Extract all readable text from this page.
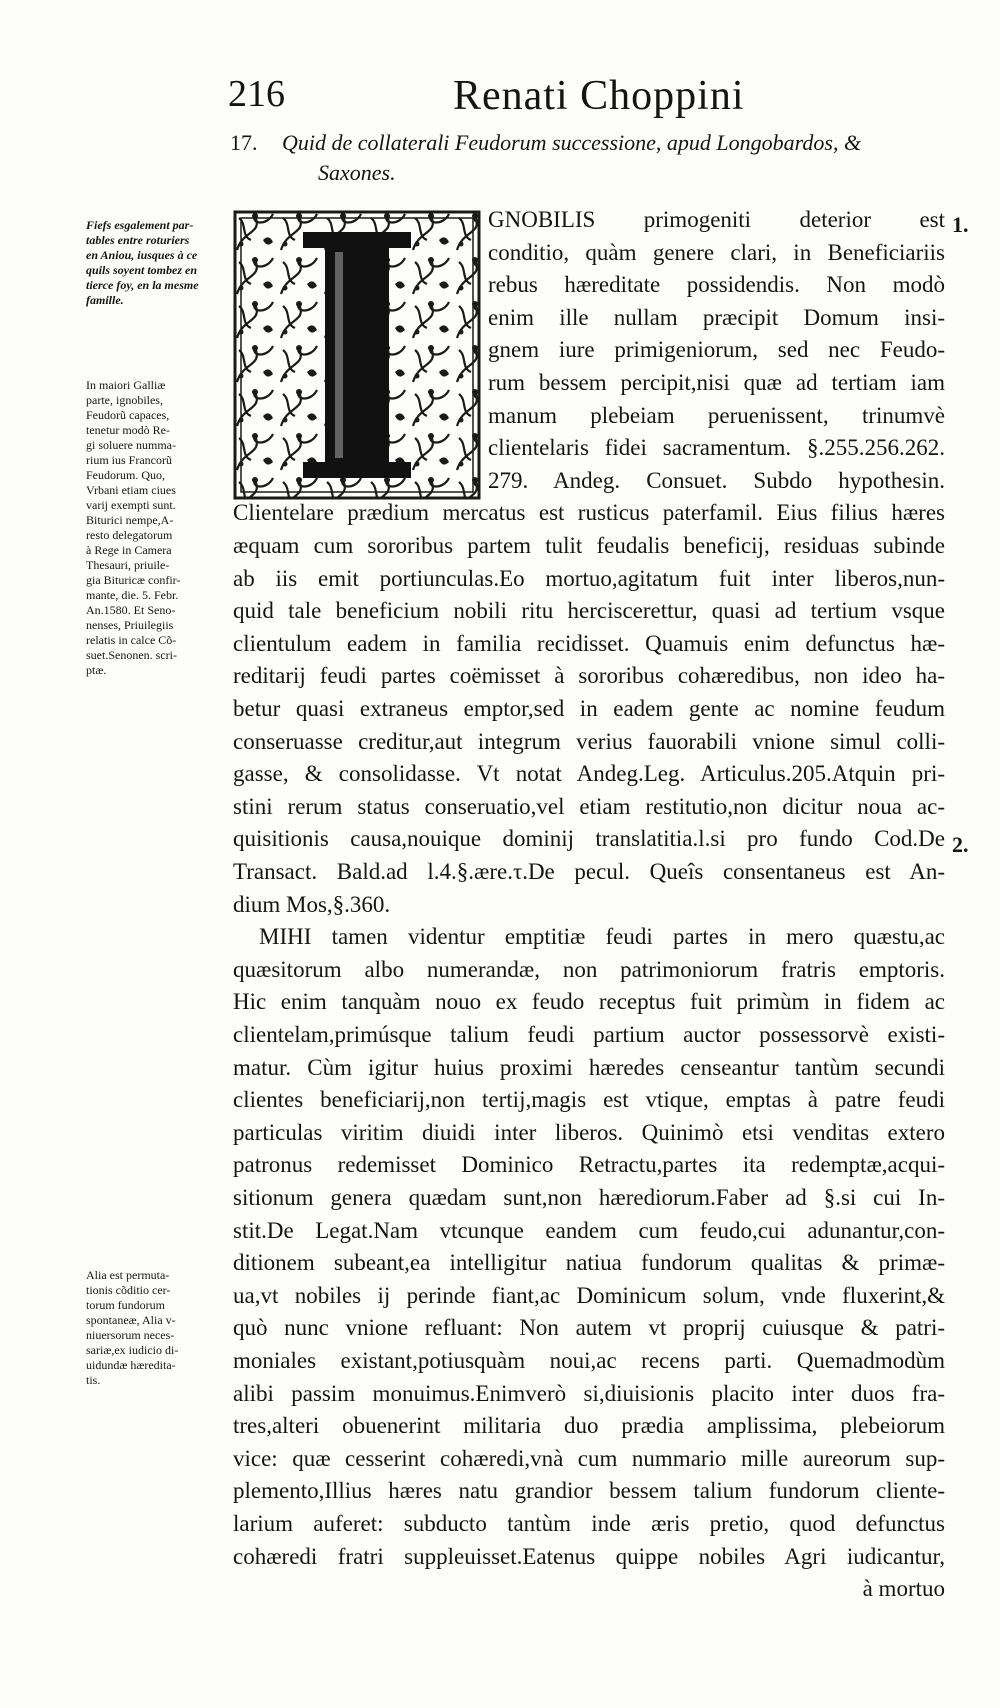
216	Renati Choppini
17. Quid de collaterali Feudorum successione, apud Longobardos, &
Saxones.
GNOBILIS primogeniti deterior est
conditio, quàm genere clari, in Beneficiariis
rebus hæreditate possidendis. Non modò
enim ille nullam præcipit Domum insi-
gnem iure primigeniorum, sed nec Feudo-
rum bessem percipit,nisi quæ ad tertiam iam
manum plebeiam peruenissent, trinumvè
clientelaris fidei sacramentum. §.255.256.262.
279. Andeg. Consuet. Subdo hypothesin.
Clientelare prædium mercatus est rusticus paterfamil. Eius filius hæres
æquam cum sororibus partem tulit feudalis beneficij, residuas subinde
ab iis emit portiunculas.Eo mortuo,agitatum fuit inter liberos,nun-
quid tale beneficium nobili ritu herciscerettur, quasi ad tertium vsque
clientulum eadem in familia recidisset. Quamuis enim defunctus hæ-
reditarij feudi partes coëmisset à sororibus cohæredibus, non ideo ha-
betur quasi extraneus emptor,sed in eadem gente ac nomine feudum
conseruasse creditur,aut integrum verius fauorabili vnione simul colli-
gasse, & consolidasse. Vt notat Andeg.Leg. Articulus.205.Atquin pri-
stini rerum status conseruatio,vel etiam restitutio,non dicitur noua ac-
quisitionis causa,nouique dominij translatitia.l.si pro fundo Cod.De
Transact. Bald.ad l.4.§.ære.τ.De pecul. Queîs consentaneus est An-
dium Mos,§.360.
MIHI tamen videntur emptitiæ feudi partes in mero quæstu,ac
quæsitorum albo numerandæ, non patrimoniorum fratris emptoris.
Hic enim tanquàm nouo ex feudo receptus fuit primùm in fidem ac
clientelam,primúsque talium feudi partium auctor possessorvè existi-
matur. Cùm igitur huius proximi hæredes censeantur tantùm secundi
clientes beneficiarij,non tertij,magis est vtique, emptas à patre feudi
particulas viritim diuidi inter liberos. Quinimò etsi venditas extero
patronus redemisset Dominico Retractu,partes ita redemptæ,acqui-
sitionum genera quædam sunt,non hærediorum.Faber ad §.si cui In-
stit.De Legat.Nam vtcunque eandem cum feudo,cui adunantur,con-
ditionem subeant,ea intelligitur natiua fundorum qualitas & primæ-
ua,vt nobiles ij perinde fiant,ac Dominicum solum, vnde fluxerint,&
quò nunc vnione refluant: Non autem vt proprij cuiusque & patri-
moniales existant,potiusquàm noui,ac recens parti. Quemadmodùm
alibi passim monuimus.Enimverò si,diuisionis placito inter duos fra-
tres,alteri obuenerint militaria duo prædia amplissima, plebeiorum
vice: quæ cesserint cohæredi,vnà cum nummario mille aureorum sup-
plemento,Illius hæres natu grandior bessem talium fundorum cliente-
larium auferet: subducto tantùm inde æris pretio, quod defunctus
cohæredi fratri suppleuisset.Eatenus quippe nobiles Agri iudicantur,
à mortuo
Fiefs esgalement par-
tables entre roturiers
en Aniou, iusques à ce
quils soyent tombez en
tierce foy, en la mesme
famille.
In maiori Galliæ
parte, ignobiles,
Feudorũ capaces,
tenetur modò Re-
gi soluere numma-
rium ius Francorũ
Feudorum. Quo,
Vrbani etiam ciues
varij exempti sunt.
Biturici nempe,A-
resto delegatorum
à Rege in Camera
Thesauri, priuile-
gia Bituricæ confir-
mante, die. 5. Febr.
An.1580. Et Seno-
nenses, Priuilegiis
relatis in calce Cõ-
suet.Senonen. scri-
ptæ.
Alia est permuta-
tionis cõditio cer-
torum fundorum
spontaneæ, Alia v-
niuersorum neces-
sariæ,ex iudicio di-
uidundæ hæredita-
tis.
1.
2.
